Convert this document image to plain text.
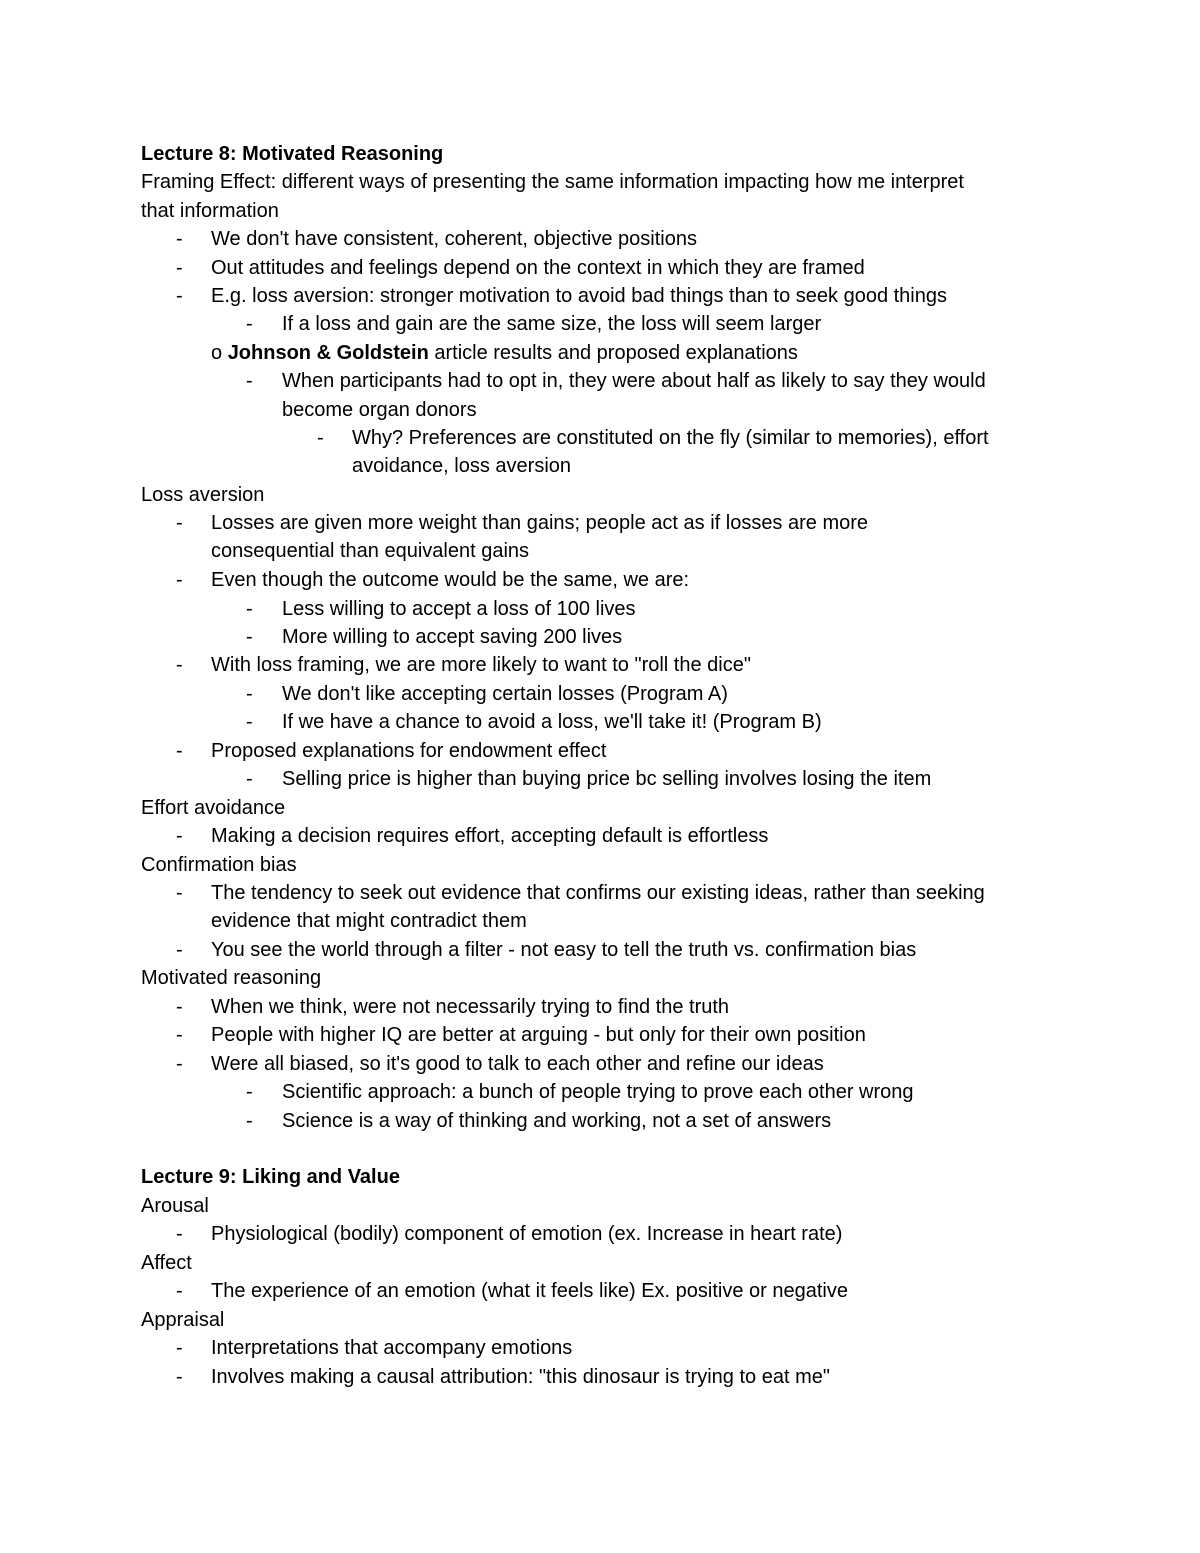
Lecture 8: Motivated Reasoning
Framing Effect: different ways of presenting the same information impacting how me interpret
that information
- We don't have consistent, coherent, objective positions
- Out attitudes and feelings depend on the context in which they are framed
- E.g. loss aversion: stronger motivation to avoid bad things than to seek good things
- If a loss and gain are the same size, the loss will seem larger
o Johnson & Goldstein article results and proposed explanations
- When participants had to opt in, they were about half as likely to say they would
become organ donors
- Why? Preferences are constituted on the fly (similar to memories), effort
avoidance, loss aversion
Loss aversion
- Losses are given more weight than gains; people act as if losses are more
consequential than equivalent gains
- Even though the outcome would be the same, we are:
- Less willing to accept a loss of 100 lives
- More willing to accept saving 200 lives
- With loss framing, we are more likely to want to "roll the dice"
- We don't like accepting certain losses (Program A)
- If we have a chance to avoid a loss, we'll take it! (Program B)
- Proposed explanations for endowment effect
- Selling price is higher than buying price bc selling involves losing the item
Effort avoidance
- Making a decision requires effort, accepting default is effortless
Confirmation bias
- The tendency to seek out evidence that confirms our existing ideas, rather than seeking
evidence that might contradict them
- You see the world through a filter - not easy to tell the truth vs. confirmation bias
Motivated reasoning
- When we think, were not necessarily trying to find the truth
- People with higher IQ are better at arguing - but only for their own position
- Were all biased, so it's good to talk to each other and refine our ideas
- Scientific approach: a bunch of people trying to prove each other wrong
- Science is a way of thinking and working, not a set of answers
Lecture 9: Liking and Value
Arousal
- Physiological (bodily) component of emotion (ex. Increase in heart rate)
Affect
- The experience of an emotion (what it feels like) Ex. positive or negative
Appraisal
- Interpretations that accompany emotions
- Involves making a causal attribution: "this dinosaur is trying to eat me"
